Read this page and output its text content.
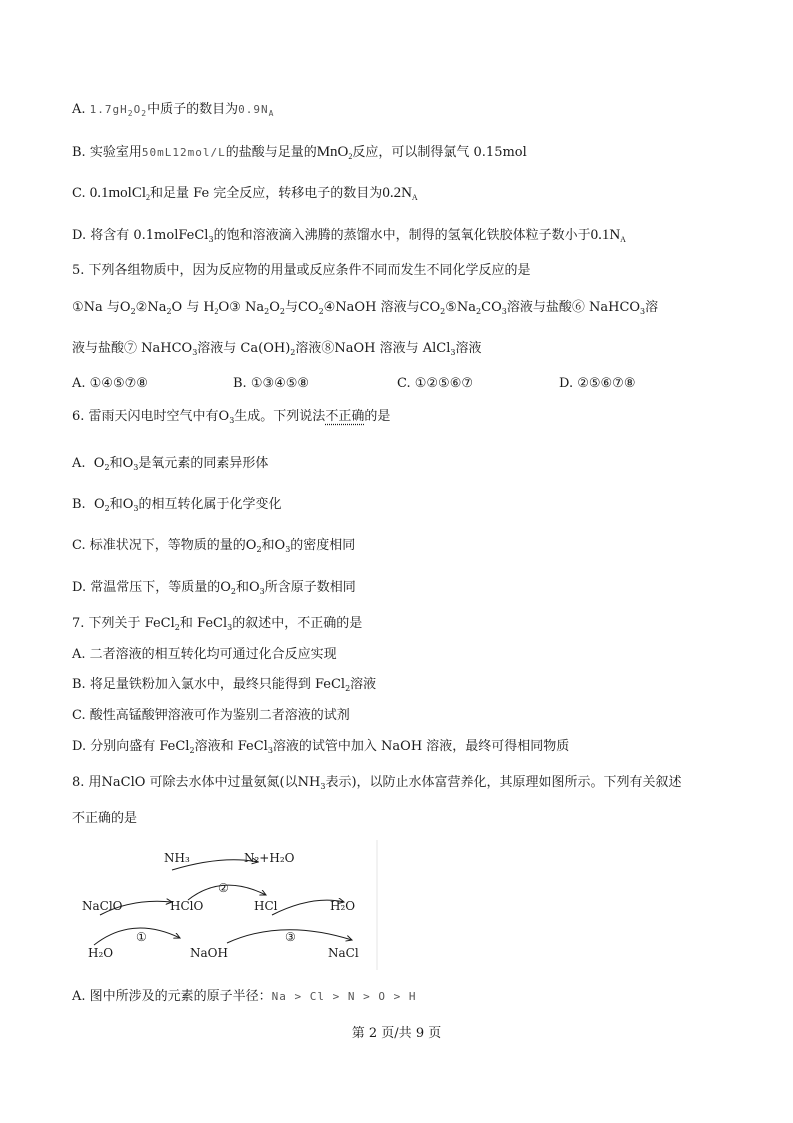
A. $1.7gH_2O_2$中质子的数目为$0.9N_A$
B. 实验室用50mL12mol/L的盐酸与足量的MnO$_2$反应，可以制得氯气 0.15mol
C. 0.1molCl$_2$和足量 Fe 完全反应，转移电子的数目为$0.2N_A$
D. 将含有 0.1molFeCl$_3$的饱和溶液滴入沸腾的蒸馏水中，制得的氢氧化铁胶体粒子数小于$0.1N_A$
5. 下列各组物质中，因为反应物的用量或反应条件不同而发生不同化学反应的是
①Na 与$O_2②Na_2O$ 与 $H_2O③$ $Na_2O_2$与$CO_2④NaOH$ 溶液与$CO_2⑤Na_2CO_3$溶液与盐酸⑥ NaHCO$_3$溶
液与盐酸⑦ NaHCO$_3$溶液与 $Ca(OH)_2$溶液⑧NaOH 溶液与 AlCl$_3$溶液
A. ①④⑤⑦⑧	B. ①③④⑤⑧	C. ①②⑤⑥⑦	D. ②⑤⑥⑦⑧
6. 雷雨天闪电时空气中有$O_3$生成。下列说法不正确的是
A. $O_2$和$O_3$是氧元素的同素异形体
B. $O_2$和$O_3$的相互转化属于化学变化
C. 标准状况下，等物质的量的$O_2$和$O_3$的密度相同
D. 常温常压下，等质量的$O_2$和$O_3$所含原子数相同
7. 下列关于 FeCl$_2$和 FeCl$_3$的叙述中，不正确的是
A. 二者溶液的相互转化均可通过化合反应实现
B. 将足量铁粉加入氯水中，最终只能得到 FeCl$_2$溶液
C. 酸性高锰酸钾溶液可作为鉴别二者溶液的试剂
D. 分别向盛有 FeCl$_2$溶液和 FeCl$_3$溶液的试管中加入 NaOH 溶液，最终可得相同物质
8. 用NaClO 可除去水体中过量氨氮(以$NH_3$表示)，以防止水体富营养化，其原理如图所示。下列有关叙述
不正确的是
NH₃	N₂+H₂O
②
NaClO	HClO	HCl	H₂O
①	③
H₂O	NaOH	NaCl
A. 图中所涉及的元素的原子半径：Na > Cl > N > O > H
第 2 页/共 9 页
